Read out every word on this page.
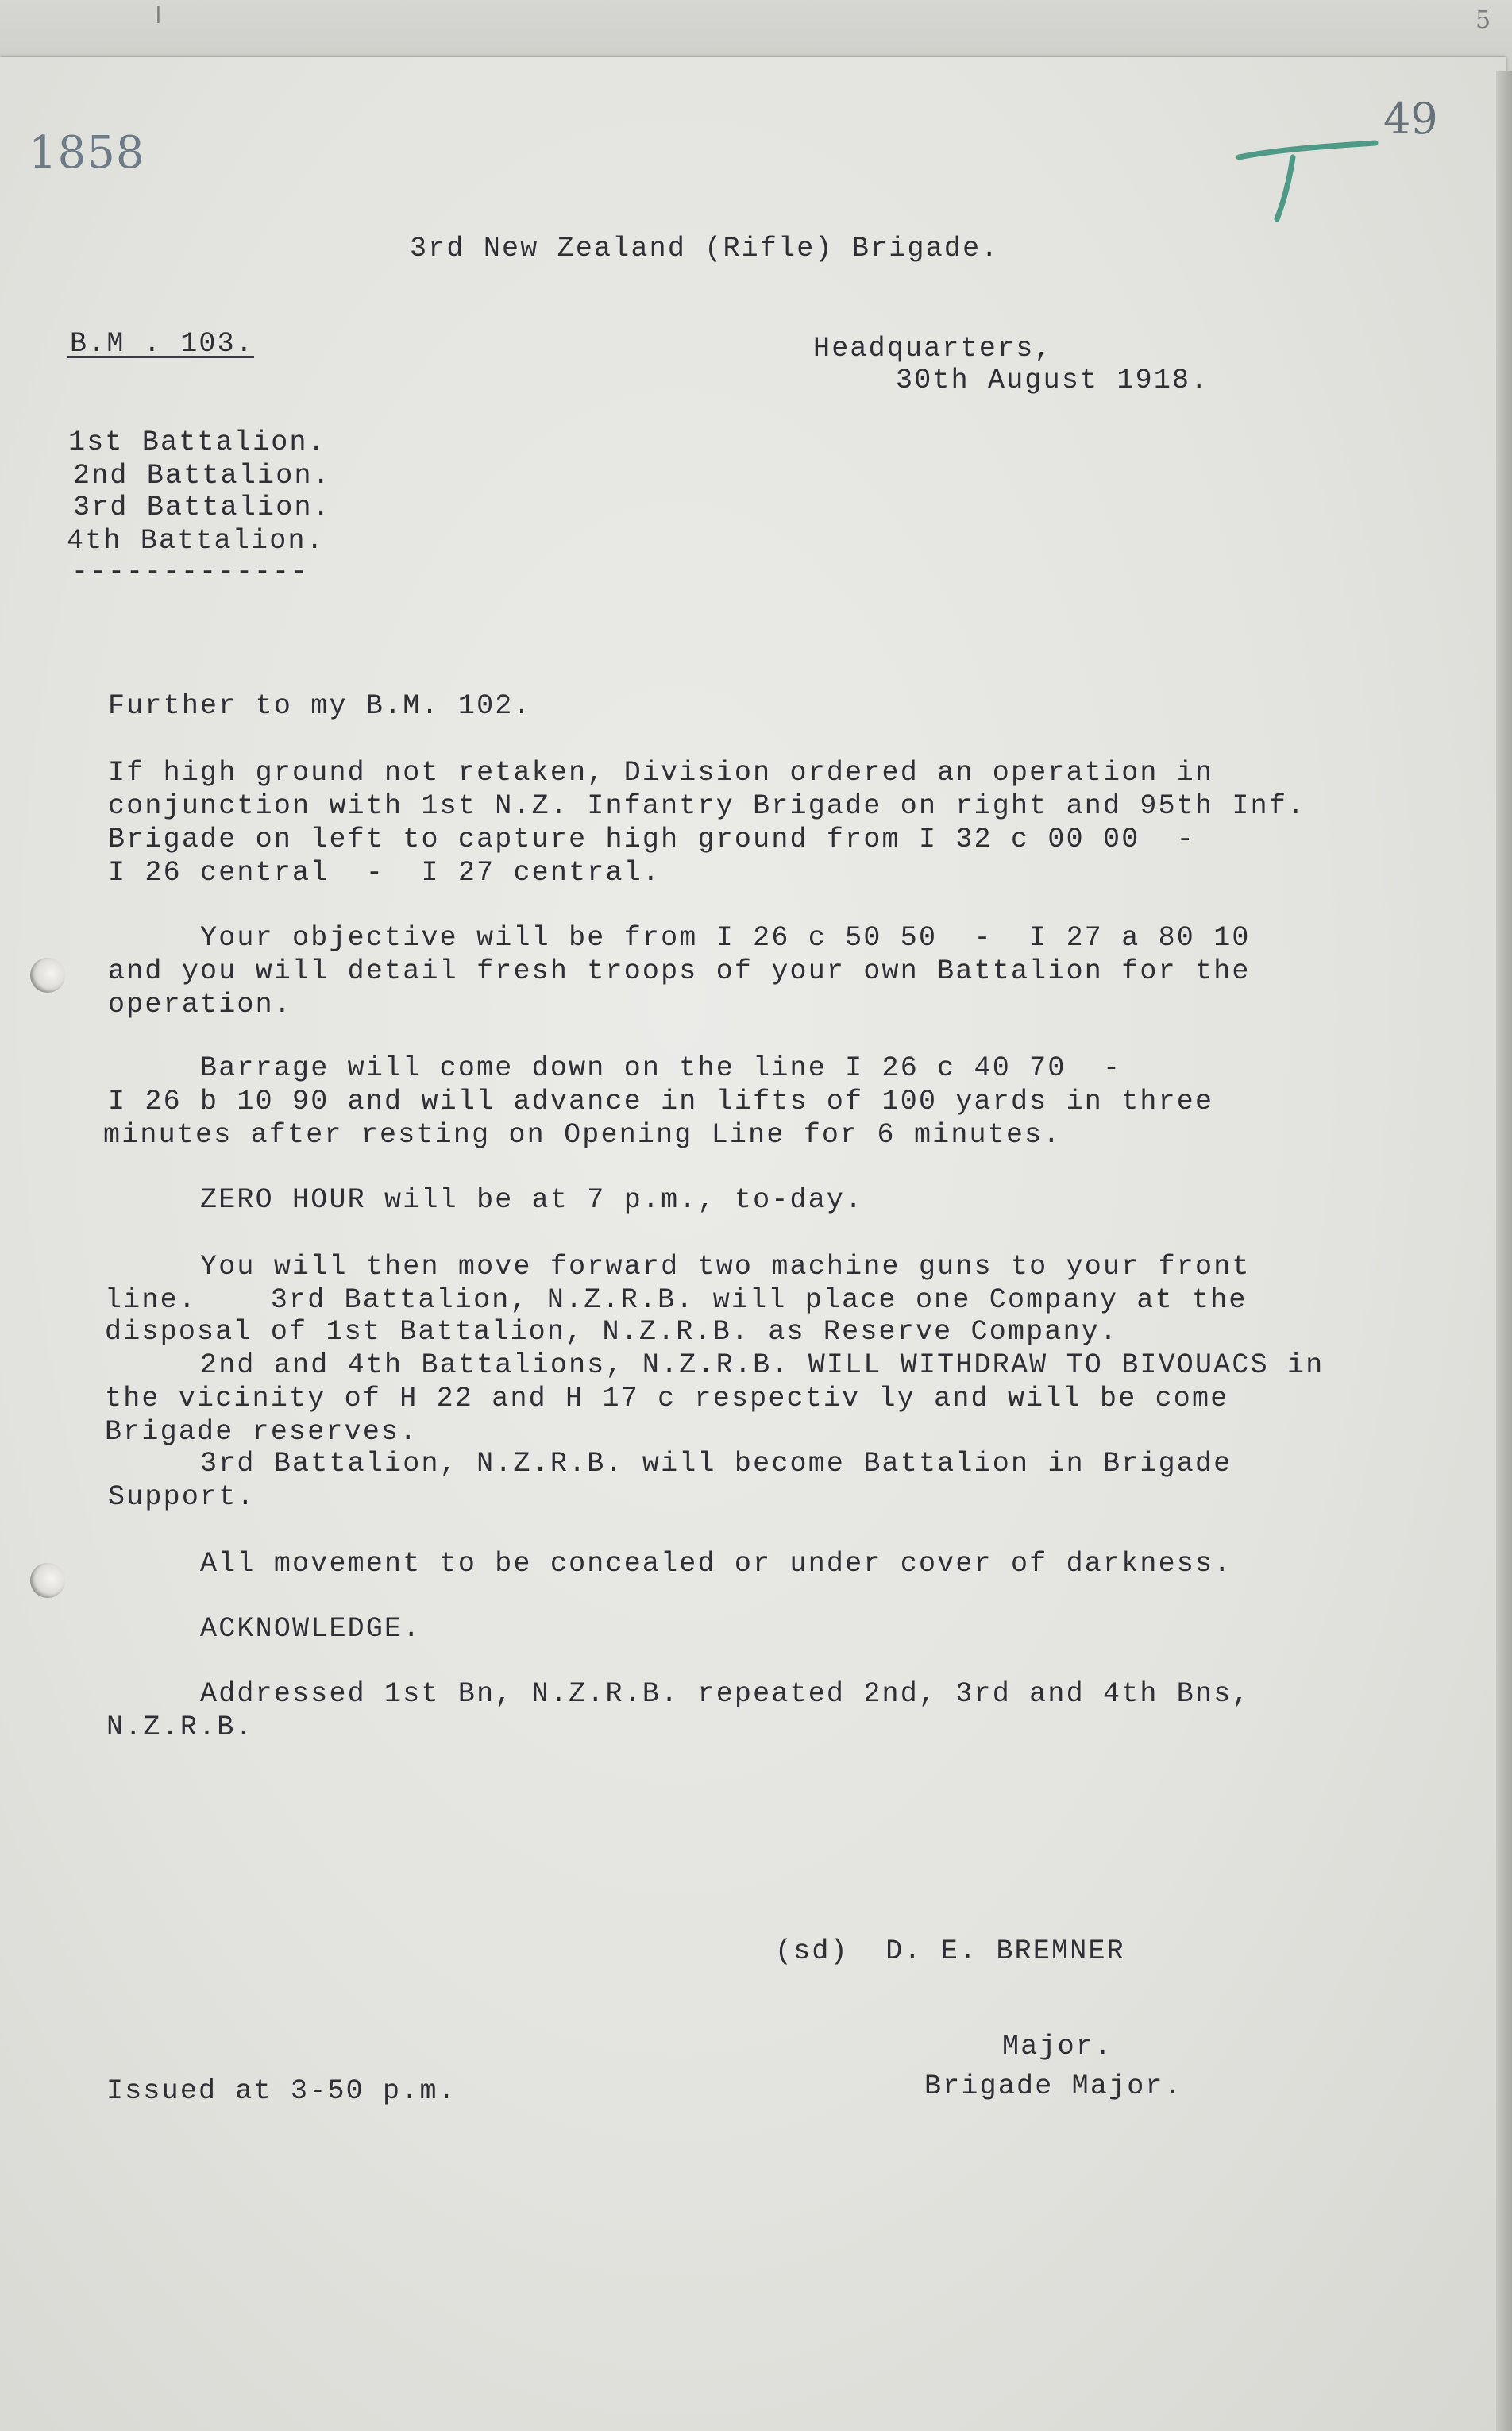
ǀ	5
1858
49

3rd New Zealand (Rifle) Brigade.

B.M . 103.	Headquarters,

30th August 1918.

1st Battalion.

2nd Battalion.

3rd Battalion.

4th Battalion.

-------------

Further to my B.M. 102.

If high ground not retaken, Division ordered an operation in

conjunction with 1st N.Z. Infantry Brigade on right and 95th Inf.

Brigade on left to capture high ground from I 32 c 00 00  -

I 26 central  -  I 27 central.

Your objective will be from I 26 c 50 50  -  I 27 a 80 10

and you will detail fresh troops of your own Battalion for the

operation.

Barrage will come down on the line I 26 c 40 70  -

I 26 b 10 90 and will advance in lifts of 100 yards in three

minutes after resting on Opening Line for 6 minutes.

ZERO HOUR will be at 7 p.m., to-day.

You will then move forward two machine guns to your front

line.    3rd Battalion, N.Z.R.B. will place one Company at the

disposal of 1st Battalion, N.Z.R.B. as Reserve Company.

2nd and 4th Battalions, N.Z.R.B. WILL WITHDRAW TO BIVOUACS in

the vicinity of H 22 and H 17 c respectiv ly and will be come

Brigade reserves.

3rd Battalion, N.Z.R.B. will become Battalion in Brigade

Support.

All movement to be concealed or under cover of darkness.

ACKNOWLEDGE.

Addressed 1st Bn, N.Z.R.B. repeated 2nd, 3rd and 4th Bns,

N.Z.R.B.

(sd)  D. E. BREMNER

Major.

Brigade Major.

Issued at 3-50 p.m.
